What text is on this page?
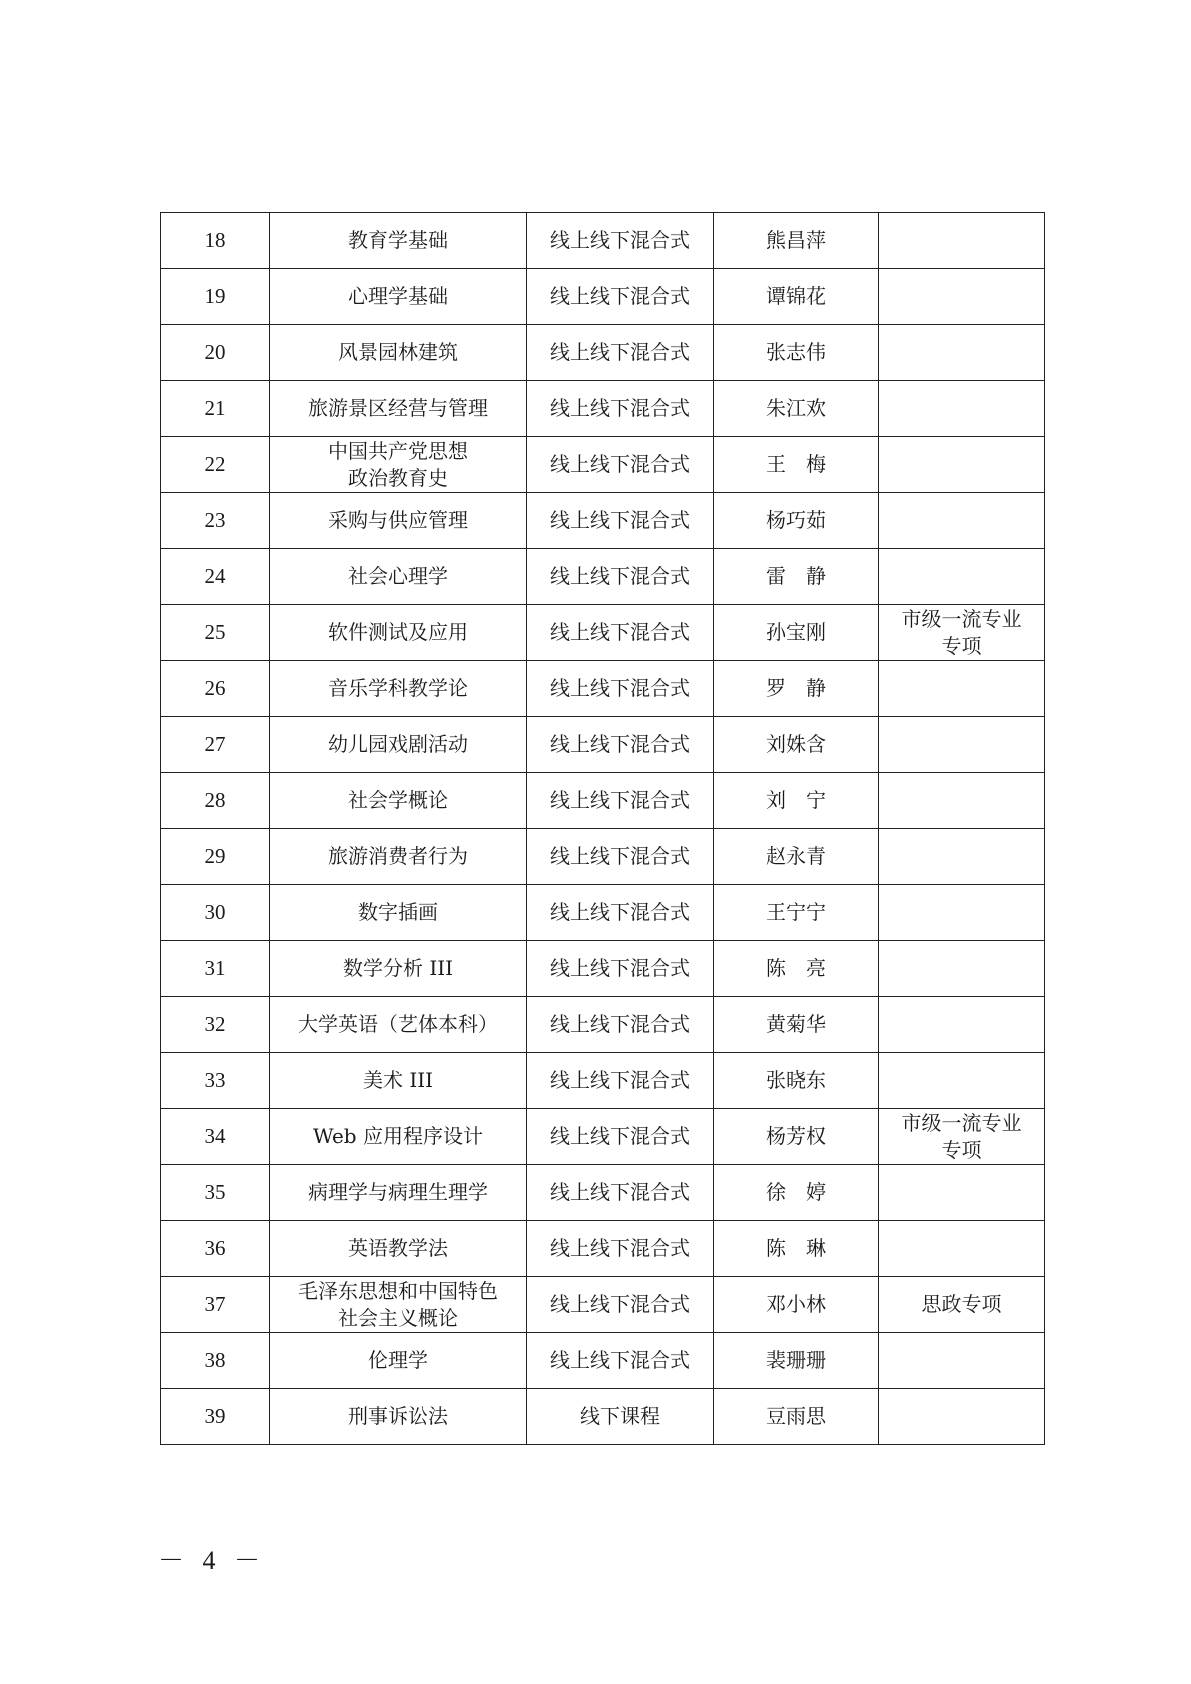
18	教育学基础	线上线下混合式	熊昌萍	
19	心理学基础	线上线下混合式	谭锦花	
20	风景园林建筑	线上线下混合式	张志伟	
21	旅游景区经营与管理	线上线下混合式	朱江欢	
22	中国共产党思想
政治教育史	线上线下混合式	王　梅	
23	采购与供应管理	线上线下混合式	杨巧茹	
24	社会心理学	线上线下混合式	雷　静	
25	软件测试及应用	线上线下混合式	孙宝刚	市级一流专业
专项
26	音乐学科教学论	线上线下混合式	罗　静	
27	幼儿园戏剧活动	线上线下混合式	刘姝含	
28	社会学概论	线上线下混合式	刘　宁	
29	旅游消费者行为	线上线下混合式	赵永青	
30	数字插画	线上线下混合式	王宁宁	
31	数学分析 III	线上线下混合式	陈　亮	
32	大学英语（艺体本科）	线上线下混合式	黄菊华	
33	美术 III	线上线下混合式	张晓东	
34	Web 应用程序设计	线上线下混合式	杨芳权	市级一流专业
专项
35	病理学与病理生理学	线上线下混合式	徐　婷	
36	英语教学法	线上线下混合式	陈　琳	
37	毛泽东思想和中国特色
社会主义概论	线上线下混合式	邓小林	思政专项
38	伦理学	线上线下混合式	裴珊珊	
39	刑事诉讼法	线下课程	豆雨思	
－ 4 －
